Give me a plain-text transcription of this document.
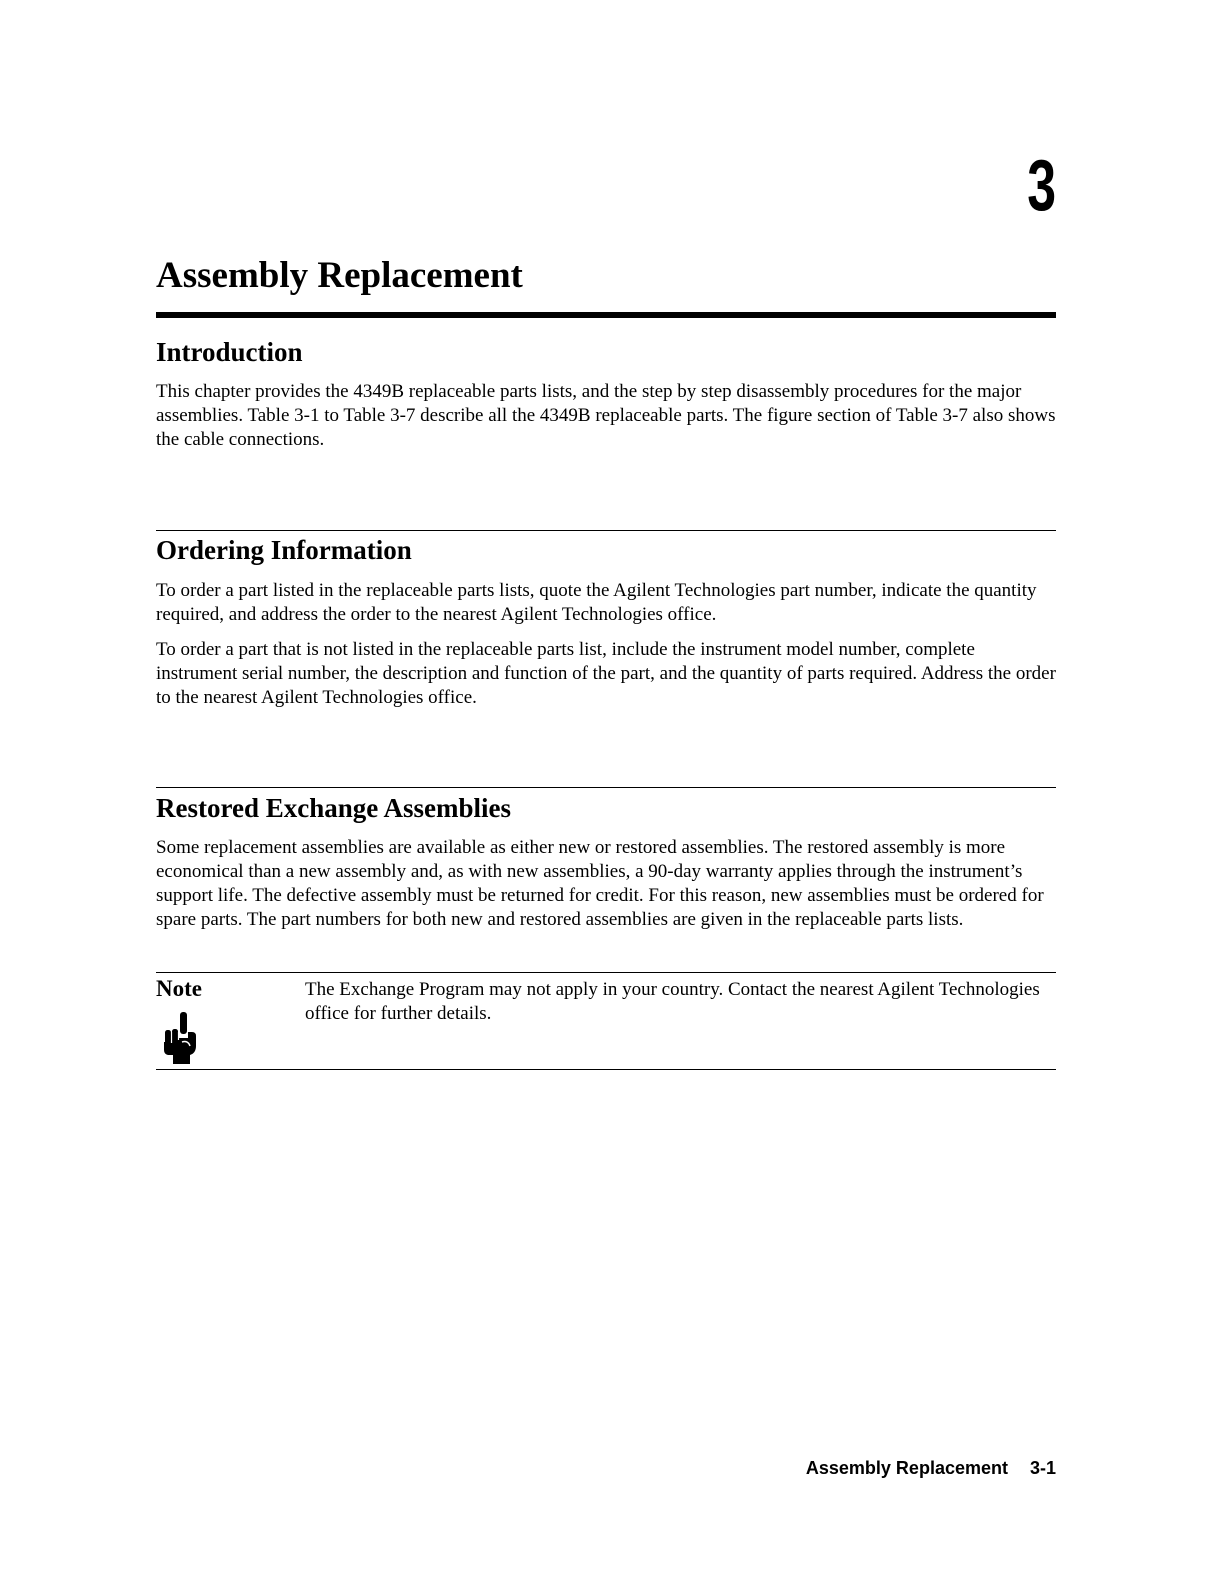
3
Assembly Replacement
Introduction

This chapter provides the 4349B replaceable parts lists, and the step by step disassembly procedures for the major assemblies. Table 3-1 to Table 3-7 describe all the 4349B replaceable parts. The figure section of Table 3-7 also shows the cable connections.

Ordering Information

To order a part listed in the replaceable parts lists, quote the Agilent Technologies part number, indicate the quantity required, and address the order to the nearest Agilent Technologies office.

To order a part that is not listed in the replaceable parts list, include the instrument model number, complete instrument serial number, the description and function of the part, and the quantity of parts required. Address the order to the nearest Agilent Technologies office.

Restored Exchange Assemblies

Some replacement assemblies are available as either new or restored assemblies. The restored assembly is more economical than a new assembly and, as with new assemblies, a 90-day warranty applies through the instrument’s support life. The defective assembly must be returned for credit. For this reason, new assemblies must be ordered for spare parts. The part numbers for both new and restored assemblies are given in the replaceable parts lists.

Note	The Exchange Program may not apply in your country. Contact the nearest Agilent Technologies office for further details.

Assembly Replacement 3-1
